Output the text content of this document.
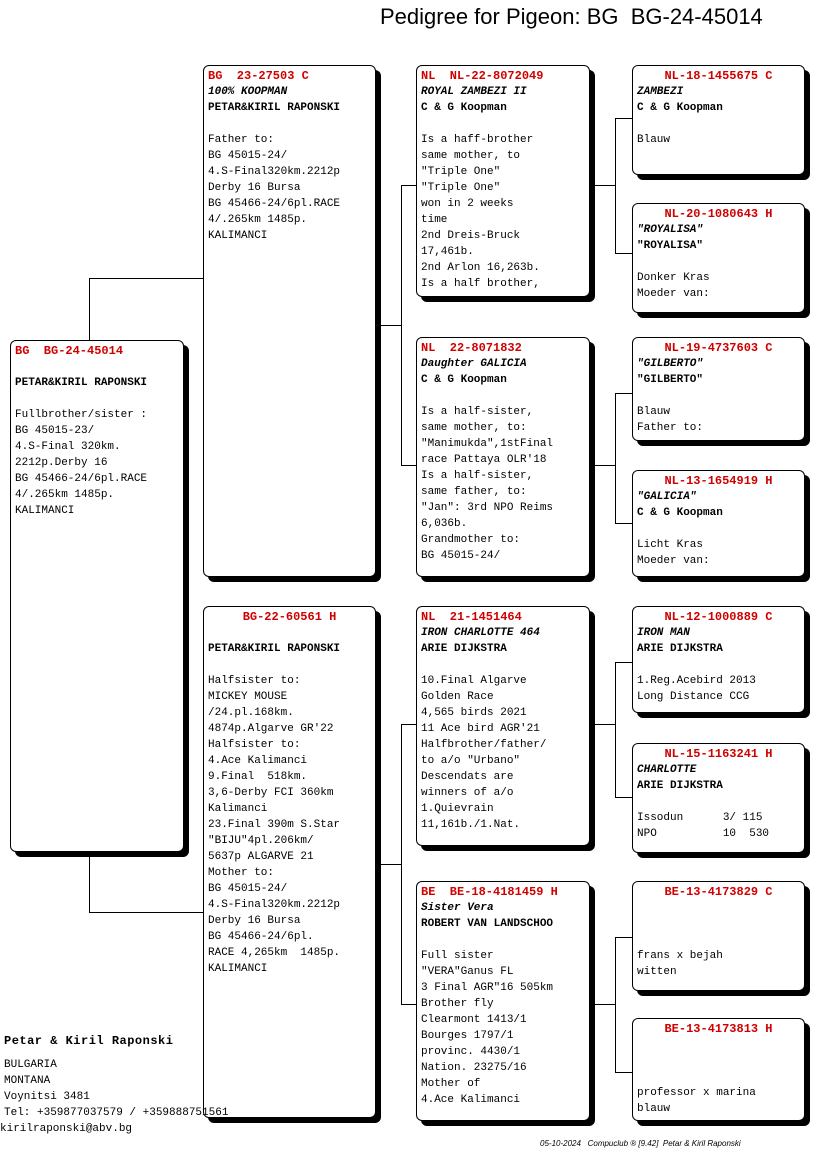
Pedigree for Pigeon: BG  BG-24-45014
BG  BG-24-45014
PETAR&KIRIL RAPONSKI
Fullbrother/sister :
BG 45015-23/
4.S-Final 320km.
2212p.Derby 16
BG 45466-24/6pl.RACE
4/.265km 1485p.
KALIMANCI
BG  23-27503 C
100% KOOPMAN
PETAR&KIRIL RAPONSKI
Father to:
BG 45015-24/
4.S-Final320km.2212p
Derby 16 Bursa
BG 45466-24/6pl.RACE
4/.265km 1485p.
KALIMANCI
BG-22-60561 H
PETAR&KIRIL RAPONSKI
Halfsister to:
MICKEY MOUSE
/24.pl.168km.
4874p.Algarve GR'22
Halfsister to:
4.Ace Kalimanci
9.Final  518km.
3,6-Derby FCI 360km
Kalimanci
23.Final 390m S.Star
"BIJU"4pl.206km/
5637p ALGARVE 21
Mother to:
BG 45015-24/
4.S-Final320km.2212p
Derby 16 Bursa
BG 45466-24/6pl.
RACE 4,265km  1485p.
KALIMANCI
NL  NL-22-8072049
ROYAL ZAMBEZI II
C & G Koopman
Is a haff-brother
same mother, to
"Triple One"
"Triple One"
won in 2 weeks
time
2nd Dreis-Bruck
17,461b.
2nd Arlon 16,263b.
Is a half brother,
NL  22-8071832
Daughter GALICIA
C & G Koopman
Is a half-sister,
same mother, to:
"Manimukda",1stFinal
race Pattaya OLR'18
Is a half-sister,
same father, to:
"Jan": 3rd NPO Reims
6,036b.
Grandmother to:
BG 45015-24/
NL  21-1451464
IRON CHARLOTTE 464
ARIE DIJKSTRA
10.Final Algarve
Golden Race
4,565 birds 2021
11 Ace bird AGR'21
Halfbrother/father/
to a/o "Urbano"
Descendats are
winners of a/o
1.Quievrain
11,161b./1.Nat.
BE  BE-18-4181459 H
Sister Vera
ROBERT VAN LANDSCHOO
Full sister
"VERA"Ganus FL
3 Final AGR"16 505km
Brother fly
Clearmont 1413/1
Bourges 1797/1
provinc. 4430/1
Nation. 23275/16
Mother of
4.Ace Kalimanci
NL-18-1455675 C
ZAMBEZI
C & G Koopman
Blauw
NL-20-1080643 H
"ROYALISA"
"ROYALISA"
Donker Kras
Moeder van:
NL-19-4737603 C
"GILBERTO"
"GILBERTO"
Blauw
Father to:
NL-13-1654919 H
"GALICIA"
C & G Koopman
Licht Kras
Moeder van:
NL-12-1000889 C
IRON MAN
ARIE DIJKSTRA
1.Reg.Acebird 2013
Long Distance CCG
NL-15-1163241 H
CHARLOTTE
ARIE DIJKSTRA
Issodun      3/ 115
NPO          10  530
BE-13-4173829 C
frans x bejah
witten
BE-13-4173813 H
professor x marina
blauw
Petar & Kiril Raponski
BULGARIA
MONTANA
Voynitsi 3481
Tel: +359877037579 / +359888751561
kirilraponski@abv.bg
05-10-2024   Compuclub ® [9.42]  Petar & Kiril Raponski
